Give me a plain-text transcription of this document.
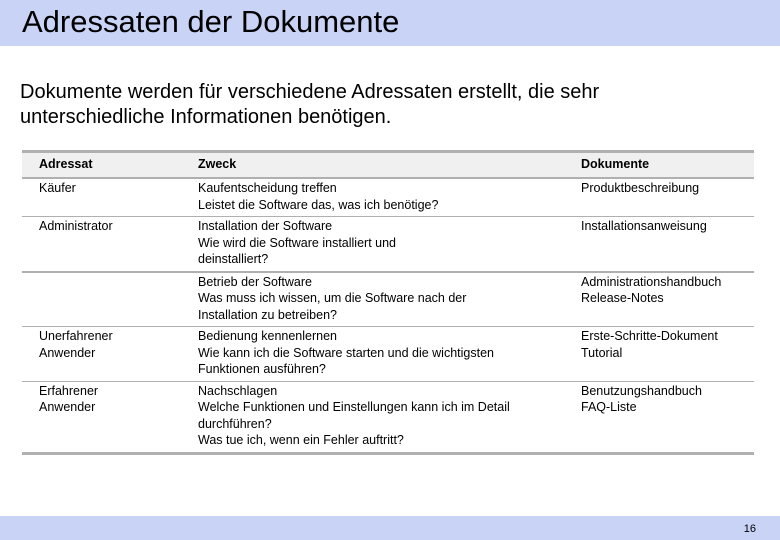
Adressaten der Dokumente
Dokumente werden für verschiedene Adressaten erstellt, die sehr
unterschiedliche Informationen benötigen.
Adressat	Zweck	Dokumente

Käufer	Kaufentscheidung treffen
Leistet die Software das, was ich benötige?	Produktbeschreibung

Administrator	Installation der Software
Wie wird die Software installiert und
deinstalliert?	Installationsanweisung

	Betrieb der Software
Was muss ich wissen, um die Software nach der
Installation zu betreiben?	Administrationshandbuch
Release-Notes

Unerfahrener
Anwender	Bedienung kennenlernen
Wie kann ich die Software starten und die wichtigsten
Funktionen ausführen?	Erste-Schritte-Dokument
Tutorial

Erfahrener
Anwender	Nachschlagen
Welche Funktionen und Einstellungen kann ich im Detail
durchführen?
Was tue ich, wenn ein Fehler auftritt?	Benutzungshandbuch
FAQ-Liste
16
